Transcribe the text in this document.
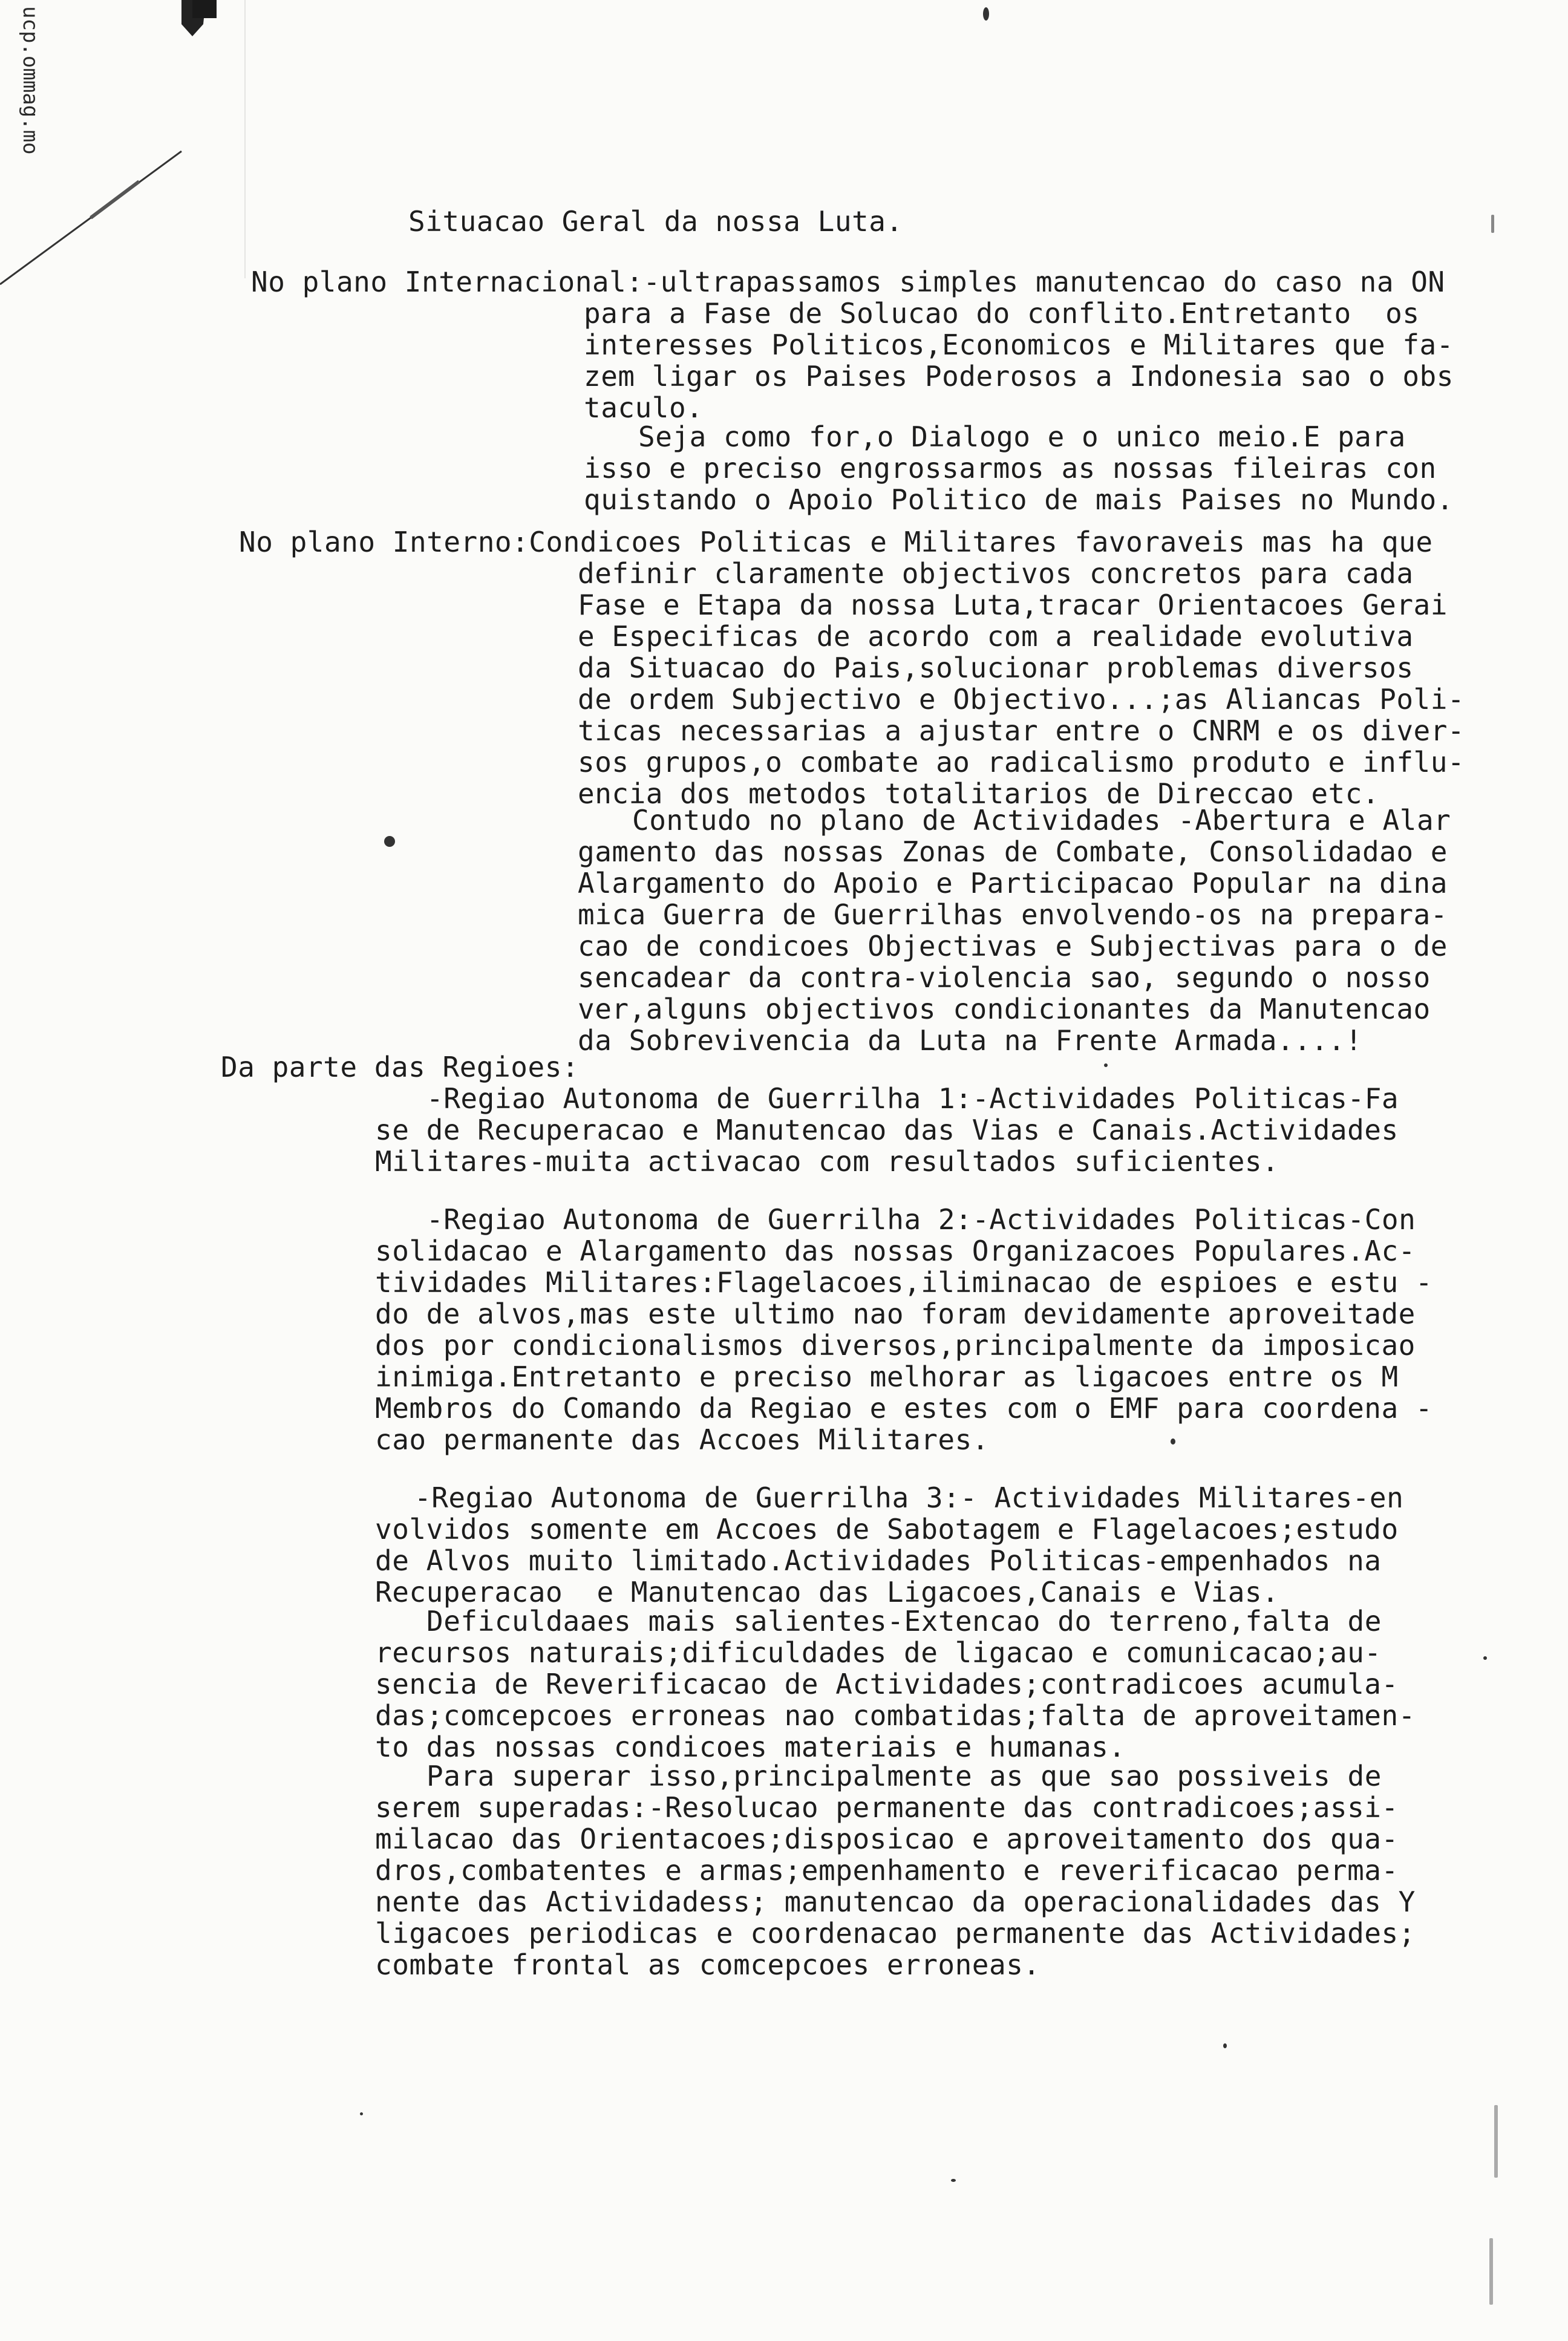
ucp.ommag.mo

Situacao Geral da nossa Luta.
No plano Internacional:-ultrapassamos simples manutencao do caso na ON
para a Fase de Solucao do conflito.Entretanto  os
interesses Politicos,Economicos e Militares que fa-
zem ligar os Paises Poderosos a Indonesia sao o obs
taculo.
Seja como for,o Dialogo e o unico meio.E para
isso e preciso engrossarmos as nossas fileiras con
quistando o Apoio Politico de mais Paises no Mundo.
No plano Interno:Condicoes Politicas e Militares favoraveis mas ha que
definir claramente objectivos concretos para cada
Fase e Etapa da nossa Luta,tracar Orientacoes Gerai
e Especificas de acordo com a realidade evolutiva
da Situacao do Pais,solucionar problemas diversos
de ordem Subjectivo e Objectivo...;as Aliancas Poli-
ticas necessarias a ajustar entre o CNRM e os diver-
sos grupos,o combate ao radicalismo produto e influ-
encia dos metodos totalitarios de Direccao etc.
Contudo no plano de Actividades -Abertura e Alar
gamento das nossas Zonas de Combate, Consolidadao e
Alargamento do Apoio e Participacao Popular na dina
mica Guerra de Guerrilhas envolvendo-os na prepara-
cao de condicoes Objectivas e Subjectivas para o de
sencadear da contra-violencia sao, segundo o nosso
ver,alguns objectivos condicionantes da Manutencao
da Sobrevivencia da Luta na Frente Armada....!
Da parte das Regioes:
-Regiao Autonoma de Guerrilha 1:-Actividades Politicas-Fa
se de Recuperacao e Manutencao das Vias e Canais.Actividades
Militares-muita activacao com resultados suficientes.
-Regiao Autonoma de Guerrilha 2:-Actividades Politicas-Con
solidacao e Alargamento das nossas Organizacoes Populares.Ac-
tividades Militares:Flagelacoes,iliminacao de espioes e estu -
do de alvos,mas este ultimo nao foram devidamente aproveitade
dos por condicionalismos diversos,principalmente da imposicao
inimiga.Entretanto e preciso melhorar as ligacoes entre os M
Membros do Comando da Regiao e estes com o EMF para coordena -
cao permanente das Accoes Militares.
-Regiao Autonoma de Guerrilha 3:- Actividades Militares-en
volvidos somente em Accoes de Sabotagem e Flagelacoes;estudo
de Alvos muito limitado.Actividades Politicas-empenhados na
Recuperacao  e Manutencao das Ligacoes,Canais e Vias.
Deficuldaaes mais salientes-Extencao do terreno,falta de
recursos naturais;dificuldades de ligacao e comunicacao;au-
sencia de Reverificacao de Actividades;contradicoes acumula-
das;comcepcoes erroneas nao combatidas;falta de aproveitamen-
to das nossas condicoes materiais e humanas.
Para superar isso,principalmente as que sao possiveis de
serem superadas:-Resolucao permanente das contradicoes;assi-
milacao das Orientacoes;disposicao e aproveitamento dos qua-
dros,combatentes e armas;empenhamento e reverificacao perma-
nente das Actividadess; manutencao da operacionalidades das Y
ligacoes periodicas e coordenacao permanente das Actividades;
combate frontal as comcepcoes erroneas.
